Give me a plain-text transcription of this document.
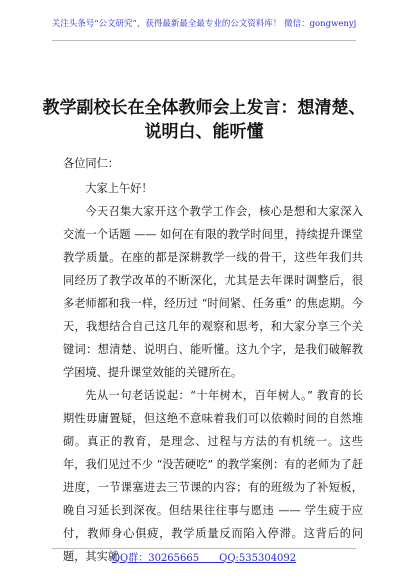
关注头条号“公文研究”，获得最新最全最专业的公文资料库！ 微信：gongwenyj
教学副校长在全体教师会上发言：想清楚、
说明白、能听懂

各位同仁：

大家上午好！

今天召集大家开这个教学工作会，核心是想和大家深入交流一个话题 —— 如何在有限的教学时间里，持续提升课堂教学质量。在座的都是深耕教学一线的骨干，这些年我们共同经历了教学改革的不断深化，尤其是去年课时调整后，很多老师都和我一样，经历过 “时间紧、任务重” 的焦虑期。今天，我想结合自己这几年的观察和思考，和大家分享三个关键词：想清楚、说明白、能听懂。这九个字，是我们破解教学困境、提升课堂效能的关键所在。

先从一句老话说起：“十年树木，百年树人。” 教育的长期性毋庸置疑，但这绝不意味着我们可以依赖时间的自然堆砌。真正的教育，是理念、过程与方法的有机统一。这些年，我们见过不少 “没苦硬吃” 的教学案例：有的老师为了赶进度，一节课塞进去三节课的内容；有的班级为了补短板，晚自习延长到深夜。但结果往往事与愿违 —— 学生疲于应付，教师身心俱疲，教学质量反而陷入停滞。这背后的问题，其实就

QQ群：30265665　　QQ:535304092
